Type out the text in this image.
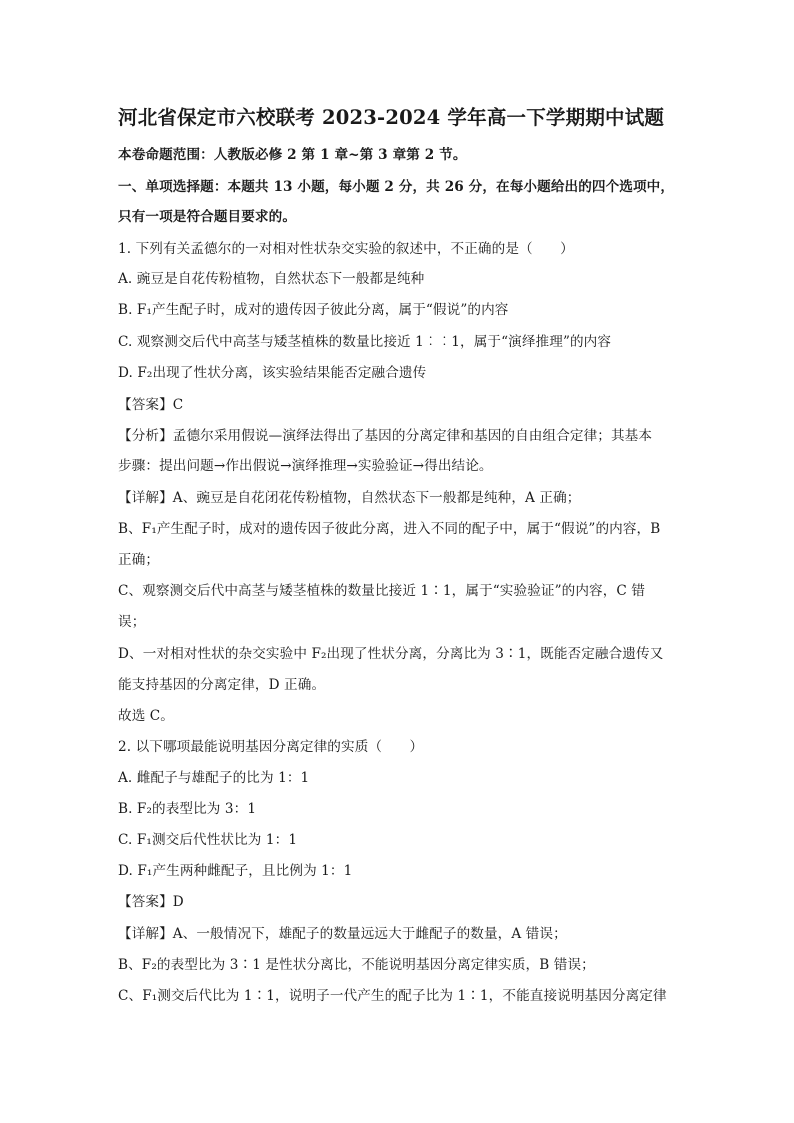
河北省保定市六校联考 2023-2024 学年高一下学期期中试题
本卷命题范围：人教版必修 2 第 1 章~第 3 章第 2 节。
一、单项选择题：本题共 13 小题，每小题 2 分，共 26 分，在每小题给出的四个选项中，
只有一项是符合题目要求的。
1. 下列有关孟德尔的一对相对性状杂交实验的叙述中，不正确的是（　　）
A. 豌豆是自花传粉植物，自然状态下一般都是纯种
B. F₁产生配子时，成对的遗传因子彼此分离，属于“假说”的内容
C. 观察测交后代中高茎与矮茎植株的数量比接近 1︰︰1，属于“演绎推理”的内容
D. F₂出现了性状分离，该实验结果能否定融合遗传
【答案】C
【分析】孟德尔采用假说—演绎法得出了基因的分离定律和基因的自由组合定律；其基本
步骤：提出问题→作出假说→演绎推理→实验验证→得出结论。
【详解】A、豌豆是自花闭花传粉植物，自然状态下一般都是纯种，A 正确；
B、F₁产生配子时，成对的遗传因子彼此分离，进入不同的配子中，属于“假说”的内容，B
正确；
C、观察测交后代中高茎与矮茎植株的数量比接近 1∶1，属于“实验验证”的内容，C 错
误；
D、一对相对性状的杂交实验中 F₂出现了性状分离，分离比为 3∶1，既能否定融合遗传又
能支持基因的分离定律，D 正确。
故选 C。
2. 以下哪项最能说明基因分离定律的实质（　　）
A. 雌配子与雄配子的比为 1：1
B. F₂的表型比为 3：1
C. F₁测交后代性状比为 1：1
D. F₁产生两种雌配子，且比例为 1：1
【答案】D
【详解】A、一般情况下，雄配子的数量远远大于雌配子的数量，A 错误；
B、F₂的表型比为 3∶1 是性状分离比，不能说明基因分离定律实质，B 错误；
C、F₁测交后代比为 1∶1，说明子一代产生的配子比为 1∶1，不能直接说明基因分离定律
